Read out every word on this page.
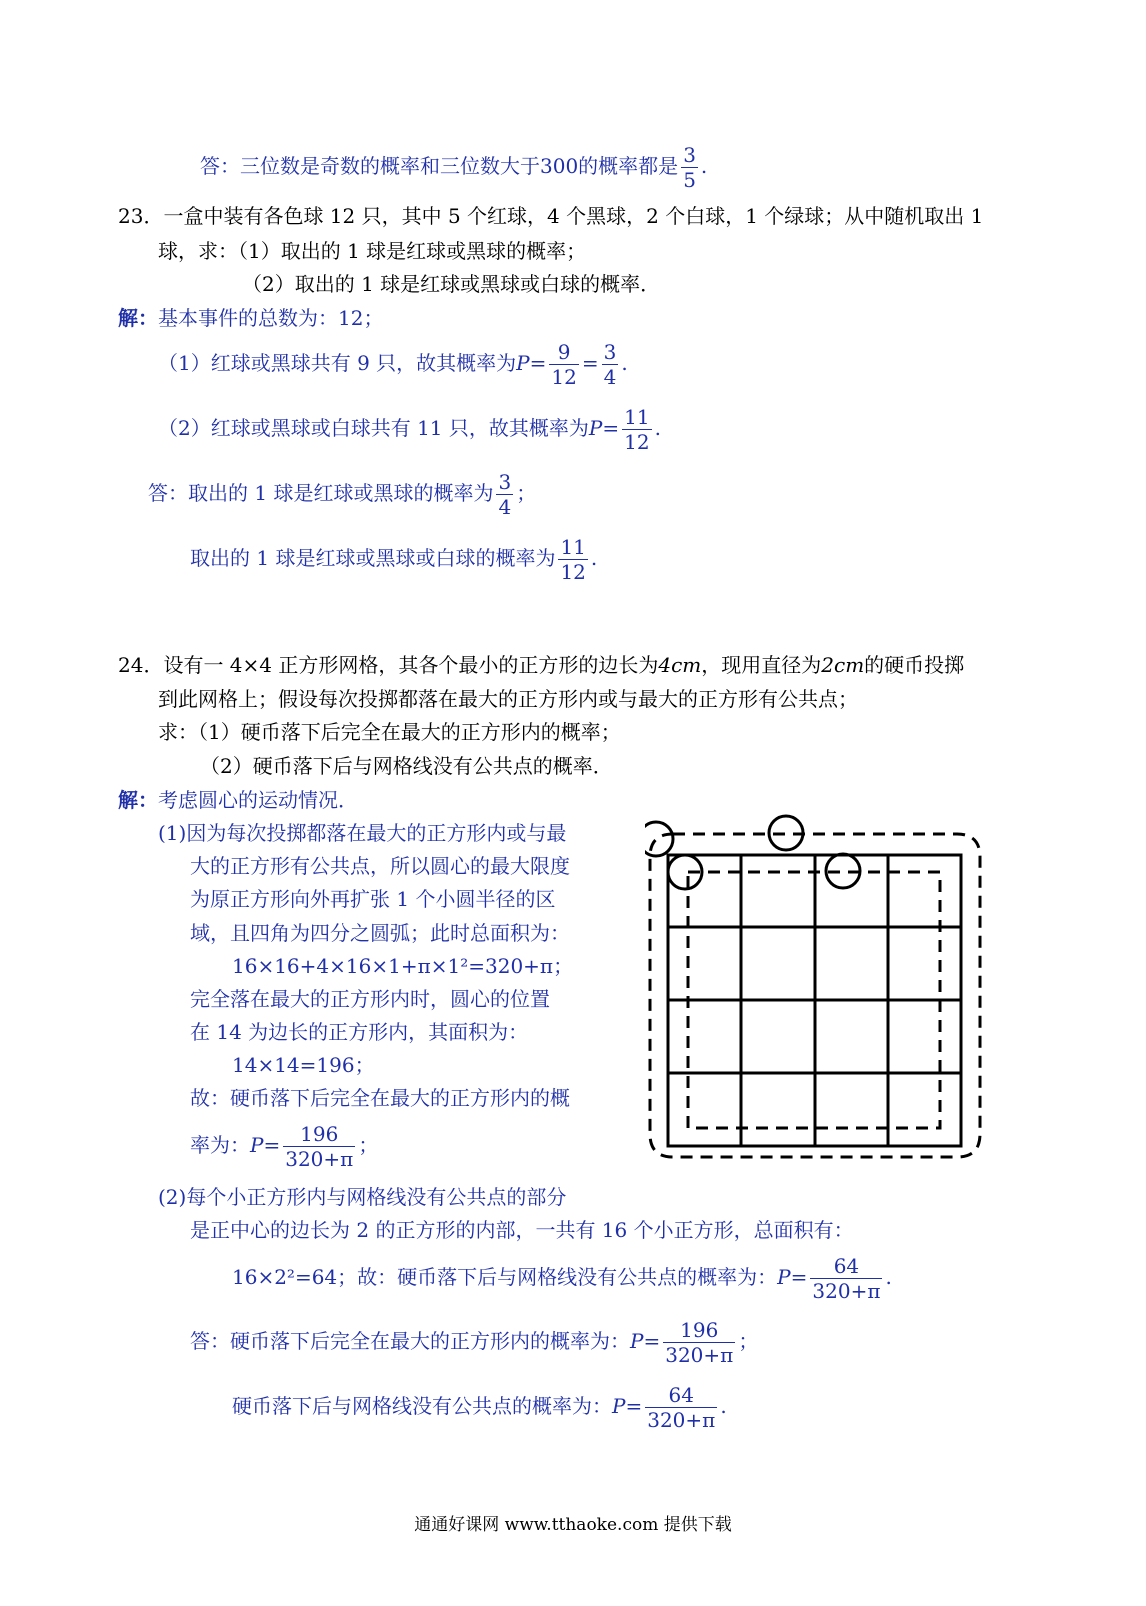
答：三位数是奇数的概率和三位数大于300的概率都是 $\frac{3}{5}$ .
23．一盒中装有各色球 12 只，其中 5 个红球，4 个黑球，2 个白球，1 个绿球；从中随机取出 1
球，求：（1）取出的 1 球是红球或黑球的概率；
（2）取出的 1 球是红球或黑球或白球的概率．
解：基本事件的总数为：12；
（1）红球或黑球共有 9 只，故其概率为$P= \frac{9}{12} = \frac{3}{4}$ .
（2）红球或黑球或白球共有 11 只，故其概率为$P= \frac{11}{12}$ .
答：取出的 1 球是红球或黑球的概率为 $\frac{3}{4}$ ；
取出的 1 球是红球或黑球或白球的概率为 $\frac{11}{12}$ .
24．设有一 4×4 正方形网格，其各个最小的正方形的边长为4cm，现用直径为2cm的硬币投掷
到此网格上；假设每次投掷都落在最大的正方形内或与最大的正方形有公共点；
求：（1）硬币落下后完全在最大的正方形内的概率；
（2）硬币落下后与网格线没有公共点的概率．
解：考虑圆心的运动情况．
(1)因为每次投掷都落在最大的正方形内或与最
大的正方形有公共点，所以圆心的最大限度
为原正方形向外再扩张 1 个小圆半径的区
域，且四角为四分之圆弧；此时总面积为：
16×16+4×16×1+π×1²=320+π；
完全落在最大的正方形内时，圆心的位置
在 14 为边长的正方形内，其面积为：
14×14=196；
故：硬币落下后完全在最大的正方形内的概
率为：$P= \frac{196}{320+\pi}$ ；
(2)每个小正方形内与网格线没有公共点的部分
是正中心的边长为 2 的正方形的内部，一共有 16 个小正方形，总面积有：
16×2²=64；故：硬币落下后与网格线没有公共点的概率为：$P= \frac{64}{320+\pi}$ .
答：硬币落下后完全在最大的正方形内的概率为：$P= \frac{196}{320+\pi}$ ；
硬币落下后与网格线没有公共点的概率为：$P= \frac{64}{320+\pi}$ .
通通好课网 www.tthaoke.com 提供下载
